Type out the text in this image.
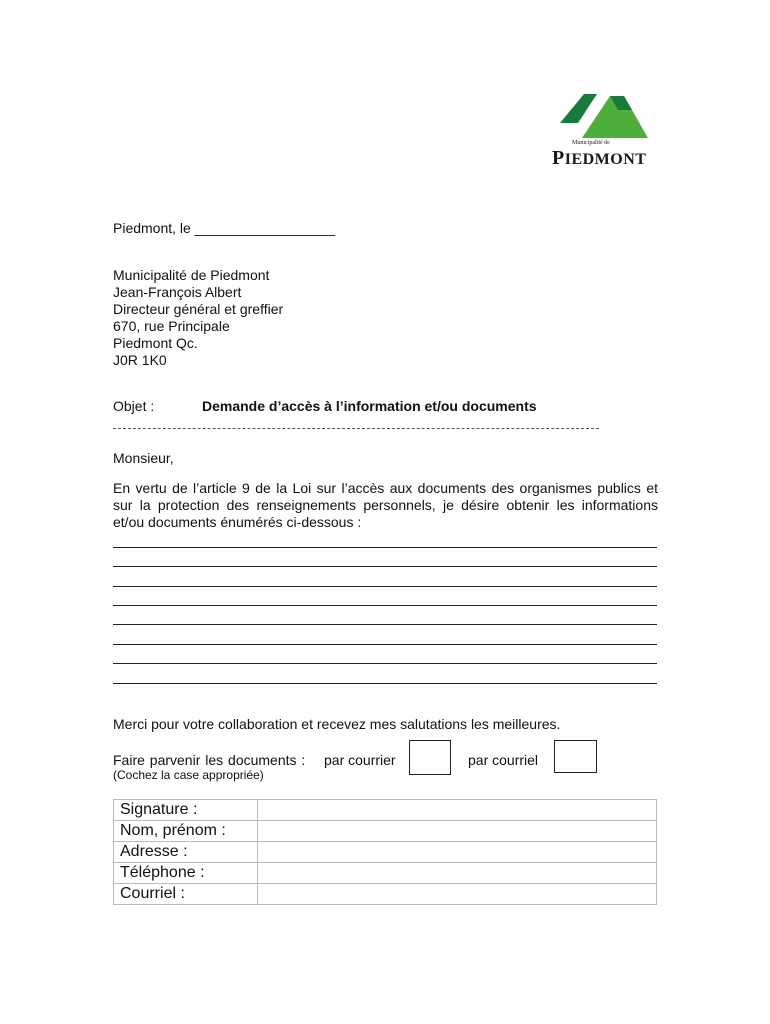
Municipalité de
PIEDMONT
Piedmont, le __________________
Municipalité de Piedmont
Jean-François Albert
Directeur général et greffier
670, rue Principale
Piedmont Qc.
J0R 1K0
Objet :	Demande d’accès à l’information et/ou documents
Monsieur,
En vertu de l’article 9 de la Loi sur l’accès aux documents des organismes publics et sur la protection des renseignements personnels, je désire obtenir les informations et/ou documents énumérés ci-dessous :
Merci pour votre collaboration et recevez mes salutations les meilleures.
Faire parvenir les documents : par courrier	par courriel
(Cochez la case appropriée)
Signature :	
Nom, prénom :	
Adresse :	
Téléphone :	
Courriel :	
